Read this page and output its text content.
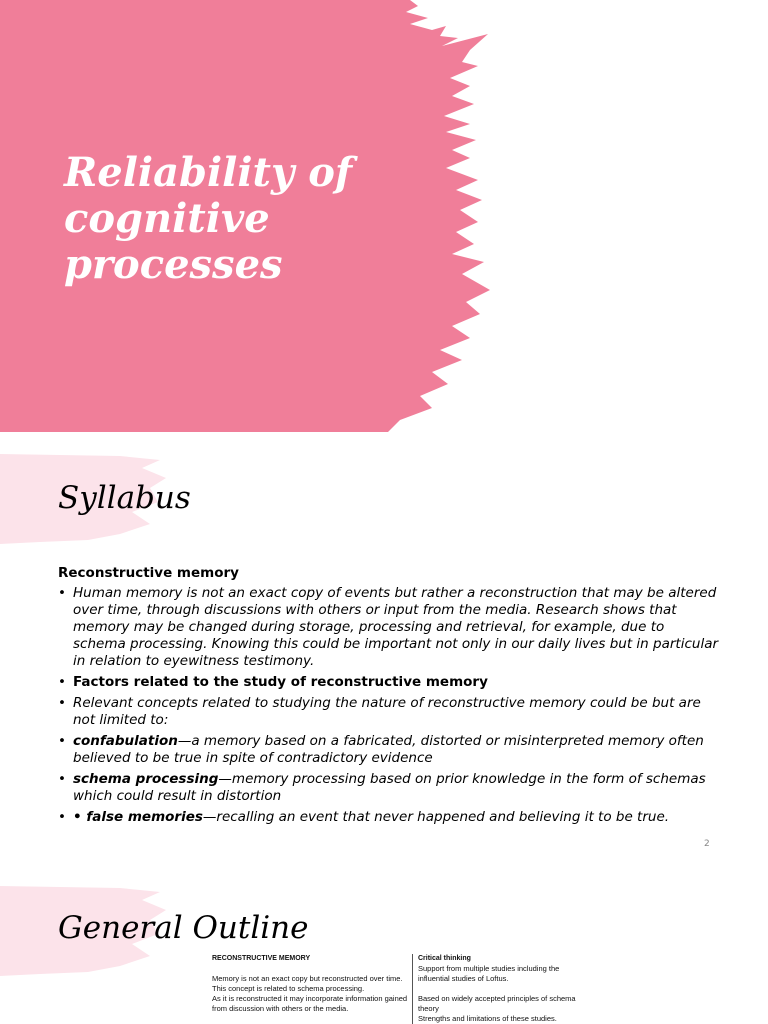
Reliability of cognitive processes
Syllabus
Reconstructive memory
• Human memory is not an exact copy of events but rather a reconstruction that may be altered over time, through discussions with others or input from the media. Research shows that memory may be changed during storage, processing and retrieval, for example, due to schema processing. Knowing this could be important not only in our daily lives but in particular in relation to eyewitness testimony.
• Factors related to the study of reconstructive memory
• Relevant concepts related to studying the nature of reconstructive memory could be but are not limited to:
• confabulation—a memory based on a fabricated, distorted or misinterpreted memory often believed to be true in spite of contradictory evidence
• schema processing—memory processing based on prior knowledge in the form of schemas which could result in distortion
• • false memories—recalling an event that never happened and believing it to be true.
2
General Outline

RECONSTRUCTIVE MEMORY

Memory is not an exact copy but reconstructed over time.

This concept is related to schema processing.

As it is reconstructed it may incorporate information gained from discussion with others or the media.

Critical thinking

Support from multiple studies including the influential studies of Loftus.

Based on widely accepted principles of schema theory

Strengths and limitations of these studies.
